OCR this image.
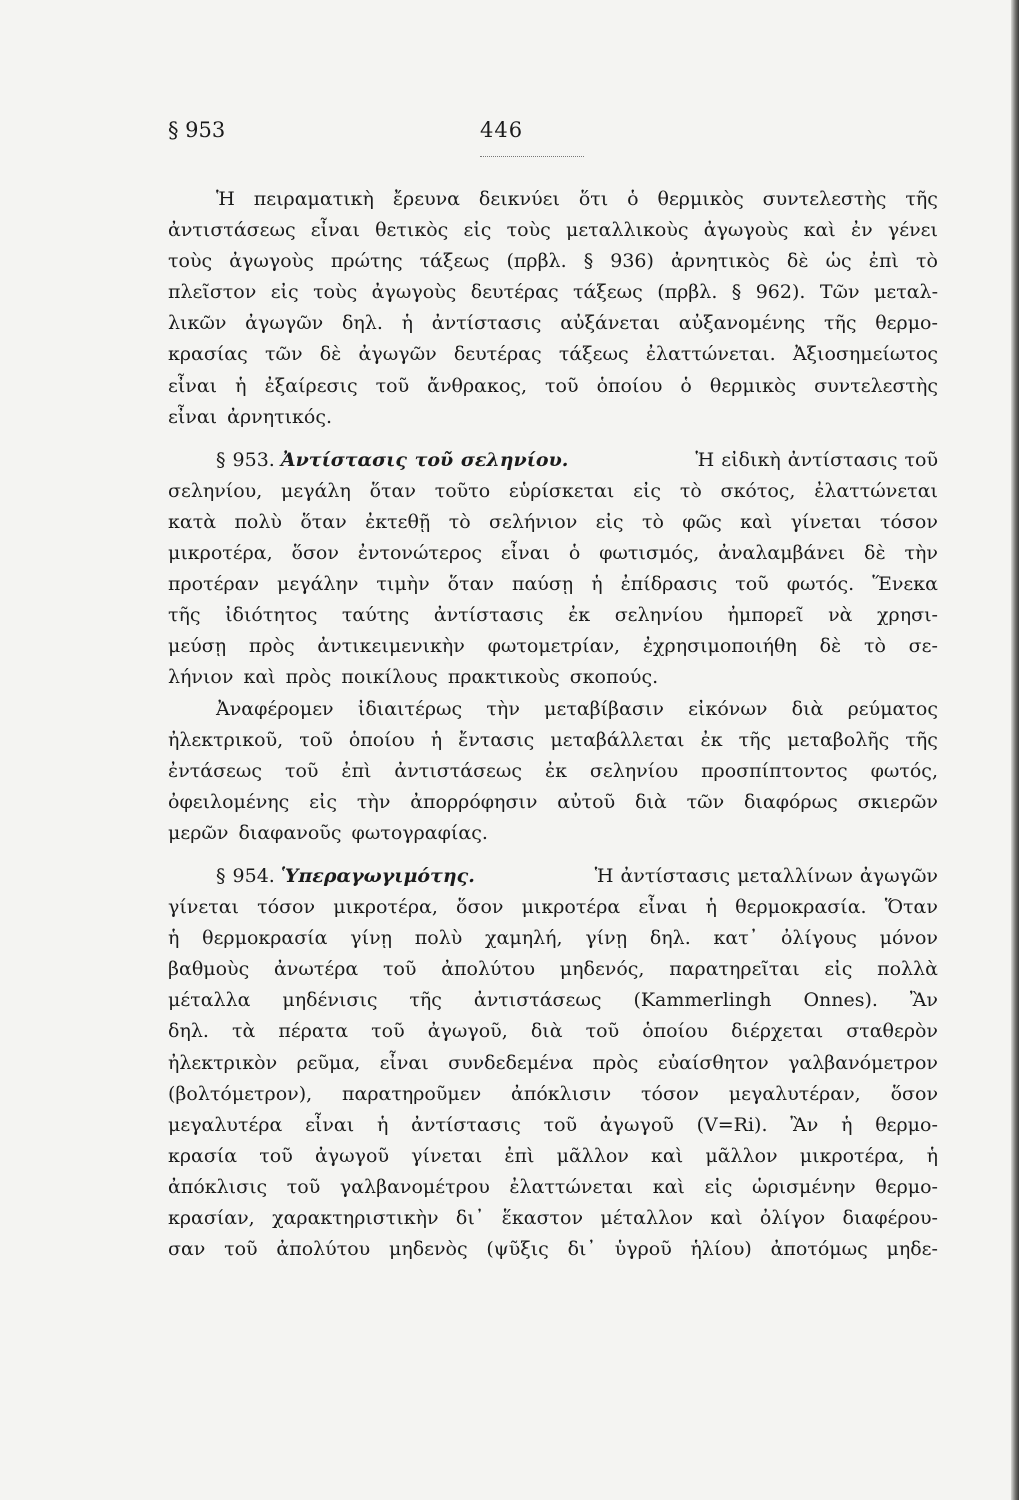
§ 953	446
Ἡ πειραματικὴ ἔρευνα δεικνύει ὅτι ὁ θερμικὸς συντελεστὴς τῆς
ἀντιστάσεως εἶναι θετικὸς εἰς τοὺς μεταλλικοὺς ἀγωγοὺς καὶ ἐν γένει
τοὺς ἀγωγοὺς πρώτης τάξεως (πρβλ. § 936) ἀρνητικὸς δὲ ὡς ἐπὶ τὸ
πλεῖστον εἰς τοὺς ἀγωγοὺς δευτέρας τάξεως (πρβλ. § 962). Τῶν μεταλ-
λικῶν ἀγωγῶν δηλ. ἡ ἀντίστασις αὐξάνεται αὐξανομένης τῆς θερμο-
κρασίας τῶν δὲ ἀγωγῶν δευτέρας τάξεως ἐλαττώνεται. Ἀξιοσημείωτος
εἶναι ἡ ἐξαίρεσις τοῦ ἄνθρακος, τοῦ ὁποίου ὁ θερμικὸς συντελεστὴς
εἶναι ἀρνητικός.
§ 953. Ἀντίστασις τοῦ σεληνίου.	Ἡ εἰδικὴ ἀντίστασις τοῦ
σεληνίου, μεγάλη ὅταν τοῦτο εὑρίσκεται εἰς τὸ σκότος, ἐλαττώνεται
κατὰ πολὺ ὅταν ἐκτεθῇ τὸ σελήνιον εἰς τὸ φῶς καὶ γίνεται τόσον
μικροτέρα, ὅσον ἐντονώτερος εἶναι ὁ φωτισμός, ἀναλαμβάνει δὲ τὴν
προτέραν μεγάλην τιμὴν ὅταν παύσῃ ἡ ἐπίδρασις τοῦ φωτός. Ἕνεκα
τῆς ἰδιότητος ταύτης ἀντίστασις ἐκ σεληνίου ἠμπορεῖ νὰ χρησι-
μεύσῃ πρὸς ἀντικειμενικὴν φωτομετρίαν, ἐχρησιμοποιήθη δὲ τὸ σε-
λήνιον καὶ πρὸς ποικίλους πρακτικοὺς σκοπούς.
Ἀναφέρομεν ἰδιαιτέρως τὴν μεταβίβασιν εἰκόνων διὰ ρεύματος
ἠλεκτρικοῦ, τοῦ ὁποίου ἡ ἔντασις μεταβάλλεται ἐκ τῆς μεταβολῆς τῆς
ἐντάσεως τοῦ ἐπὶ ἀντιστάσεως ἐκ σεληνίου προσπίπτοντος φωτός,
ὀφειλομένης εἰς τὴν ἀπορρόφησιν αὐτοῦ διὰ τῶν διαφόρως σκιερῶν
μερῶν διαφανοῦς φωτογραφίας.
§ 954. Ὑπεραγωγιμότης.	Ἡ ἀντίστασις μεταλλίνων ἀγωγῶν
γίνεται τόσον μικροτέρα, ὅσον μικροτέρα εἶναι ἡ θερμοκρασία. Ὅταν
ἡ θερμοκρασία γίνῃ πολὺ χαμηλή, γίνῃ δηλ. κατ᾽ ὀλίγους μόνον
βαθμοὺς ἀνωτέρα τοῦ ἀπολύτου μηδενός, παρατηρεῖται εἰς πολλὰ
μέταλλα μηδένισις τῆς ἀντιστάσεως (Kammerlingh Onnes). Ἂν
δηλ. τὰ πέρατα τοῦ ἀγωγοῦ, διὰ τοῦ ὁποίου διέρχεται σταθερὸν
ἠλεκτρικὸν ρεῦμα, εἶναι συνδεδεμένα πρὸς εὐαίσθητον γαλβανόμετρον
(βολτόμετρον), παρατηροῦμεν ἀπόκλισιν τόσον μεγαλυτέραν, ὅσον
μεγαλυτέρα εἶναι ἡ ἀντίστασις τοῦ ἀγωγοῦ (V=Ri). Ἂν ἡ θερμο-
κρασία τοῦ ἀγωγοῦ γίνεται ἐπὶ μᾶλλον καὶ μᾶλλον μικροτέρα, ἡ
ἀπόκλισις τοῦ γαλβανομέτρου ἐλαττώνεται καὶ εἰς ὡρισμένην θερμο-
κρασίαν, χαρακτηριστικὴν δι᾽ ἕκαστον μέταλλον καὶ ὀλίγον διαφέρου-
σαν τοῦ ἀπολύτου μηδενὸς (ψῦξις δι᾽ ὑγροῦ ἡλίου) ἀποτόμως μηδε-
